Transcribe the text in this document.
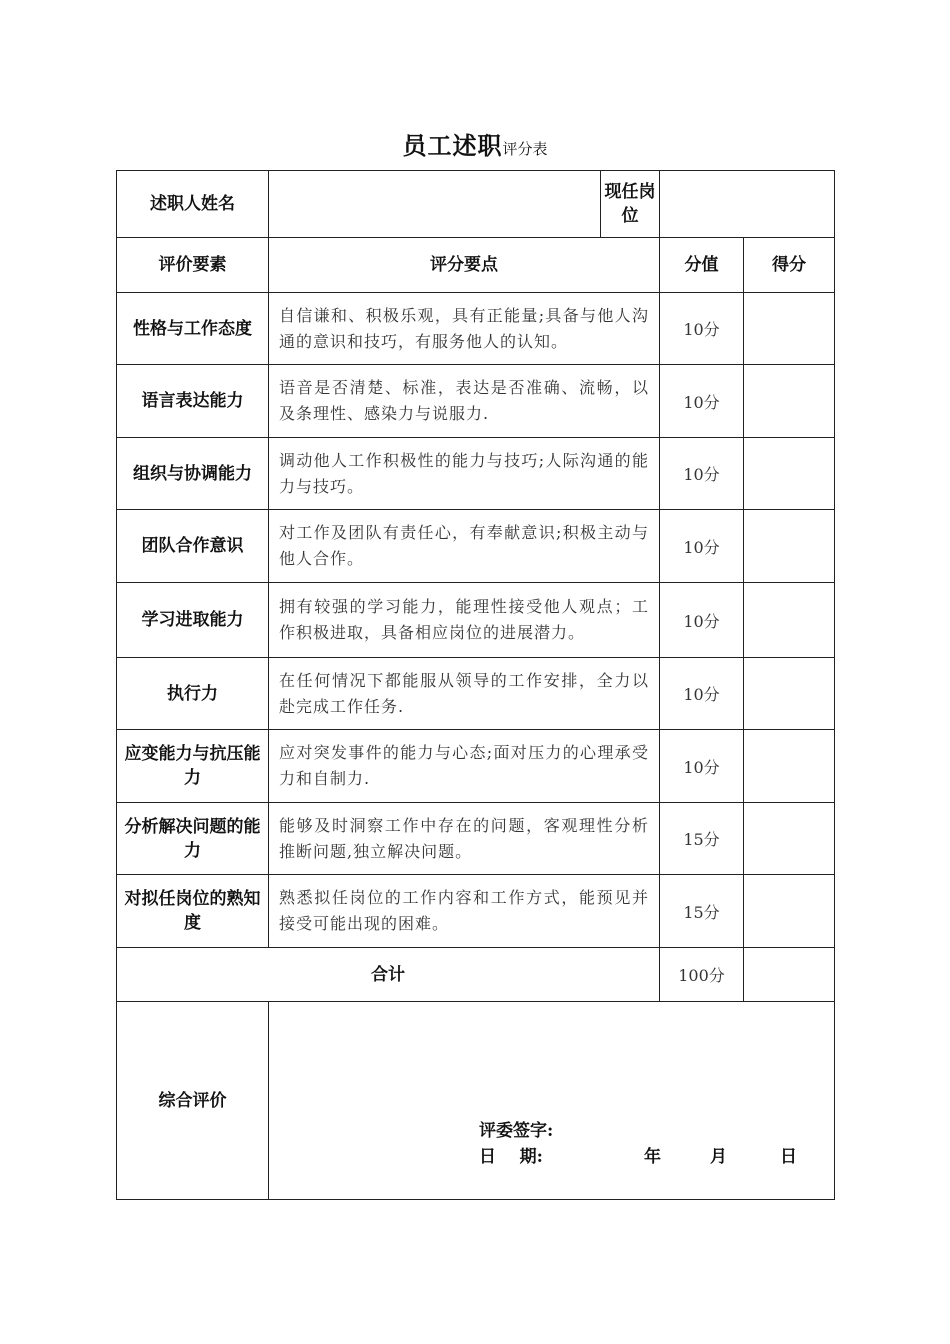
员工述职评分表
述职人姓名		现任岗位		
评价要素	评分要点		分值	得分
性格与工作态度	自信谦和、积极乐观，具有正能量;具备与他人沟通的意识和技巧，有服务他人的认知。		10分	
语言表达能力	语音是否清楚、标准，表达是否准确、流畅，以及条理性、感染力与说服力.		10分	
组织与协调能力	调动他人工作积极性的能力与技巧;人际沟通的能力与技巧。		10分	
团队合作意识	对工作及团队有责任心，有奉献意识;积极主动与他人合作。		10分	
学习进取能力	拥有较强的学习能力，能理性接受他人观点；工作积极进取，具备相应岗位的进展潜力。		10分	
执行力	在任何情况下都能服从领导的工作安排，全力以赴完成工作任务.		10分	
应变能力与抗压能力	应对突发事件的能力与心态;面对压力的心理承受力和自制力.		10分	
分析解决问题的能力	能够及时洞察工作中存在的问题，客观理性分析推断问题,独立解决问题。		15分	
对拟任岗位的熟知度	熟悉拟任岗位的工作内容和工作方式，能预见并接受可能出现的困难。		15分	
合计			100分	
综合评价	评委签字:
日    期: 年 月 日			
